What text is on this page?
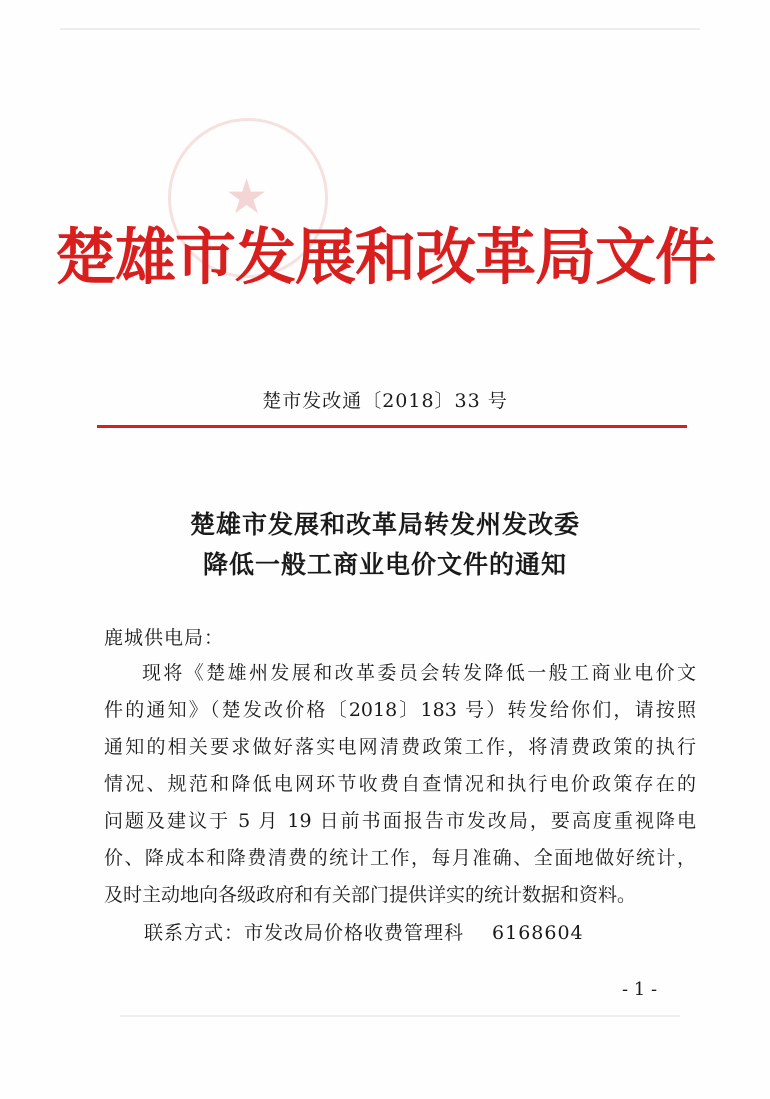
★
楚雄市发展和改革局文件
楚市发改通〔2018〕33 号
楚雄市发展和改革局转发州发改委
降低一般工商业电价文件的通知
鹿城供电局：
现将《楚雄州发展和改革委员会转发降低一般工商业电价文
件的通知》（楚发改价格〔2018〕183 号）转发给你们，请按照
通知的相关要求做好落实电网清费政策工作，将清费政策的执行
情况、规范和降低电网环节收费自查情况和执行电价政策存在的
问题及建议于 5 月 19 日前书面报告市发改局，要高度重视降电
价、降成本和降费清费的统计工作，每月准确、全面地做好统计，
及时主动地向各级政府和有关部门提供详实的统计数据和资料。
联系方式：市发改局价格收费管理科 6168604
- 1 -
